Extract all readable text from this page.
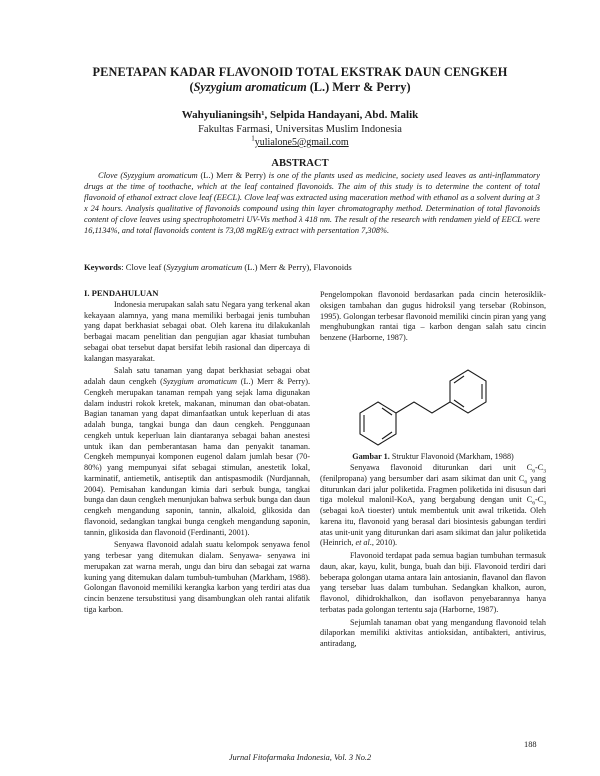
PENETAPAN KADAR FLAVONOID TOTAL EKSTRAK DAUN CENGKEH
(Syzygium aromaticum (L.) Merr & Perry)
Wahyulianingsih¹, Selpida Handayani, Abd. Malik
Fakultas Farmasi, Universitas Muslim Indonesia
$^1$yulialone5@gmail.com
ABSTRACT
Clove (Syzygium aromaticum (L.) Merr & Perry) is one of the plants used as medicine, society used leaves as anti-inflammatory drugs at the time of toothache, which at the leaf contained flavonoids. The aim of this study is to determine the content of total flavonoid of ethanol extract clove leaf (EECL). Clove leaf was extracted using maceration method with ethanol as a solvent during at 3 x 24 hours. Analysis qualitative of flavonoids compound using thin layer chromatography method. Determination of total flavonoids content of clove leaves using spectrophotometri UV-Vis method λ 418 nm. The result of the research with rendamen yield of EECL were 16,1134%, and total flavonoids content is 73,08 mgRE/g extract with persentation 7,308%.
Keywords: Clove leaf (Syzygium aromaticum (L.) Merr & Perry), Flavonoids
I. PENDAHULUAN

Indonesia merupakan salah satu Negara yang terkenal akan kekayaan alamnya, yang mana memiliki berbagai jenis tumbuhan yang dapat berkhasiat sebagai obat. Oleh karena itu dilakukanlah berbagai macam penelitian dan pengujian agar khasiat tumbuhan sebagai obat tersebut dapat bersifat lebih rasional dan dipercaya di kalangan masyarakat.

Salah satu tanaman yang dapat berkhasiat sebagai obat adalah daun cengkeh (Syzygium aromaticum (L.) Merr & Perry). Cengkeh merupakan tanaman rempah yang sejak lama digunakan dalam industri rokok kretek, makanan, minuman dan obat-obatan. Bagian tanaman yang dapat dimanfaatkan untuk keperluan di atas adalah bunga, tangkai bunga dan daun cengkeh. Penggunaan cengkeh untuk keperluan lain diantaranya sebagai bahan anestesi untuk ikan dan pemberantasan hama dan penyakit tanaman. Cengkeh mempunyai komponen eugenol dalam jumlah besar (70-80%) yang mempunyai sifat sebagai stimulan, anestetik lokal, karminatif, antiemetik, antiseptik dan antispasmodik (Nurdjannah, 2004). Pemisahan kandungan kimia dari serbuk bunga, tangkai bunga dan daun cengkeh menunjukan bahwa serbuk bunga dan daun cengkeh mengandung saponin, tannin, alkaloid, glikosida dan flavonoid, sedangkan tangkai bunga cengkeh mengandung saponin, tannin, glikosida dan flavonoid (Ferdinanti, 2001).

Senyawa flavonoid adalah suatu kelompok senyawa fenol yang terbesar yang ditemukan dialam. Senyawa- senyawa ini merupakan zat warna merah, ungu dan biru dan sebagai zat warna kuning yang ditemukan dalam tumbuh-tumbuhan (Markham, 1988). Golongan flavonoid memiliki kerangka karbon yang terdiri atas dua cincin benzene tersubstitusi yang disambungkan oleh rantai alifatik tiga karbon.

Pengelompokan flavonoid berdasarkan pada cincin heterosiklik- oksigen tambahan dan gugus hidroksil yang tersebar (Robinson, 1995). Golongan terbesar flavonoid memiliki cincin piran yang yang menghubungkan rantai tiga – karbon dengan salah satu cincin benzene (Harborne, 1987).

Gambar 1. Struktur Flavonoid (Markham, 1988)

Senyawa flavonoid diturunkan dari unit $C_6-C_3$ (fenilpropana) yang bersumber dari asam sikimat dan unit $C_6$ yang diturunkan dari jalur poliketida. Fragmen poliketida ini disusun dari tiga molekul malonil-KoA, yang bergabung dengan unit $C_6-C_3$ (sebagai koA tioester) untuk membentuk unit awal triketida. Oleh karena itu, flavonoid yang berasal dari biosintesis gabungan terdiri atas unit-unit yang diturunkan dari asam sikimat dan jalur poliketida (Heinrich, et al., 2010).

Flavonoid terdapat pada semua bagian tumbuhan termasuk daun, akar, kayu, kulit, bunga, buah dan biji. Flavonoid terdiri dari beberapa golongan utama antara lain antosianin, flavanol dan flavon yang tersebar luas dalam tumbuhan. Sedangkan khalkon, auron, flavonol, dihidrokhalkon, dan isoflavon penyebarannya hanya terbatas pada golongan tertentu saja (Harborne, 1987).

Sejumlah tanaman obat yang mengandung flavonoid telah dilaporkan memiliki aktivitas antioksidan, antibakteri, antivirus, antiradang,

188
Jurnal Fitofarmaka Indonesia, Vol. 3 No.2
